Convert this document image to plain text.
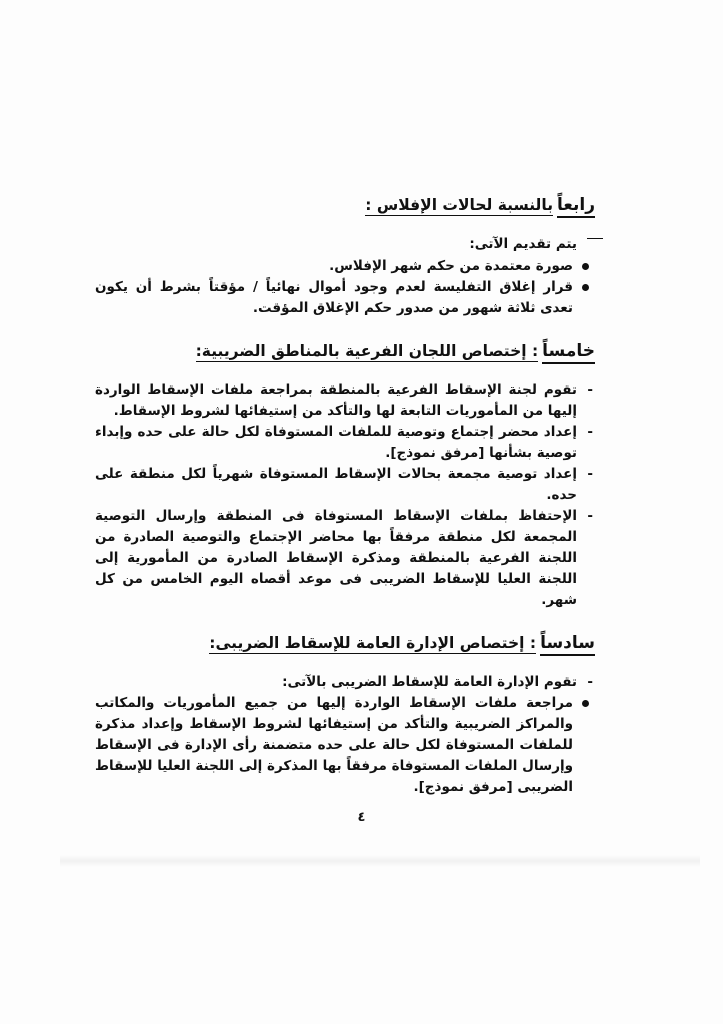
رابعاً
بالنسبة لحالات الإفلاس :

يتم تقديم الآتى:

صورة معتمدة من حكم شهر الإفلاس.

قرار إغلاق التفليسة لعدم وجود أموال نهائياً / مؤقتاً بشرط أن يكون تعدى ثلاثة شهور من صدور حكم الإغلاق المؤقت.

خامساً
: إختصاص اللجان الفرعية بالمناطق الضريبية:

-
تقوم لجنة الإسقاط الفرعية بالمنطقة بمراجعة ملفات الإسقاط الواردة إليها من المأموريات التابعة لها والتأكد من إستيفائها لشروط الإسقاط.

-
إعداد محضر إجتماع وتوصية للملفات المستوفاة لكل حالة على حده وإبداء توصية بشأنها [مرفق نموذج].

-
إعداد توصية مجمعة بحالات الإسقاط المستوفاة شهرياً لكل منطقة على حده.

-
الإحتفاظ بملفات الإسقاط المستوفاة فى المنطقة وإرسال التوصية المجمعة لكل منطقة مرفقاً بها محاضر الإجتماع والتوصية الصادرة من اللجنة الفرعية بالمنطقة ومذكرة الإسقاط الصادرة من المأمورية إلى اللجنة العليا للإسقاط الضريبى فى موعد أقصاه اليوم الخامس من كل شهر.

سادساً
: إختصاص الإدارة العامة للإسقاط الضريبى:

-
تقوم الإدارة العامة للإسقاط الضريبى بالآتى:

مراجعة ملفات الإسقاط الواردة إليها من جميع المأموريات والمكاتب والمراكز الضريبية والتأكد من إستيفائها لشروط الإسقاط وإعداد مذكرة للملفات المستوفاة لكل حالة على حده متضمنة رأى الإدارة فى الإسقاط وإرسال الملفات المستوفاة مرفقاً بها المذكرة إلى اللجنة العليا للإسقاط الضريبى [مرفق نموذج].

٤
